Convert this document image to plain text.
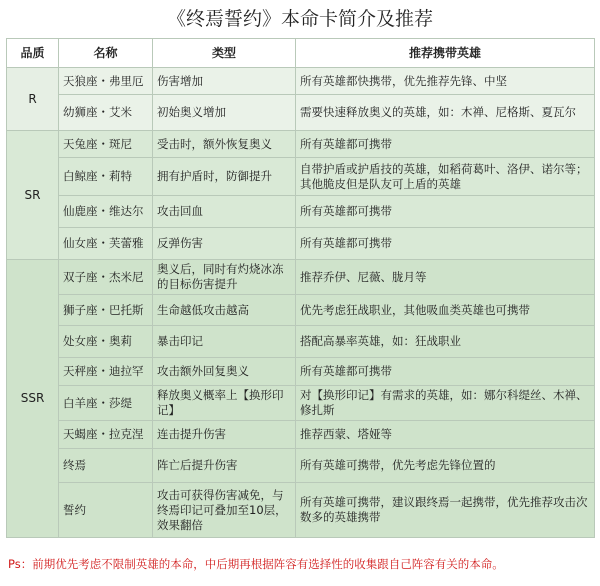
《终焉誓约》本命卡简介及推荐
品质	名称	类型	推荐携带英雄
R	天狼座・弗里厄	伤害增加	所有英雄都快携带，优先推荐先锋、中坚
	幼狮座・艾米	初始奥义增加	需要快速释放奥义的英雄，如：木禅、尼格斯、夏瓦尔
SR	天兔座・斑尼	受击时，额外恢复奥义	所有英雄都可携带
	白鲸座・莉特	拥有护盾时，防御提升	自带护盾或护盾技的英雄，如稻荷葛叶、洛伊、诺尔等；其他脆皮但是队友可上盾的英雄
	仙鹿座・维达尔	攻击回血	所有英雄都可携带
	仙女座・芙蕾雅	反弹伤害	所有英雄都可携带
SSR	双子座・杰米尼	奥义后，同时有灼烧冰冻的目标伤害提升	推荐乔伊、尼薇、胧月等
	狮子座・巴托斯	生命越低攻击越高	优先考虑狂战职业，其他吸血类英雄也可携带
	处女座・奥莉	暴击印记	搭配高暴率英雄，如：狂战职业
	天秤座・迪拉罕	攻击额外回复奥义	所有英雄都可携带
	白羊座・莎缇	释放奥义概率上【换形印记】	对【换形印记】有需求的英雄，如：娜尔科缇丝、木禅、修扎斯
	天蝎座・拉克涅	连击提升伤害	推荐西蒙、塔娅等
	终焉	阵亡后提升伤害	所有英雄可携带，优先考虑先锋位置的
	誓约	攻击可获得伤害减免，与终焉印记可叠加至10层，效果翻倍	所有英雄可携带，建议跟终焉一起携带，优先推荐攻击次数多的英雄携带
Ps：前期优先考虑不限制英雄的本命，中后期再根据阵容有选择性的收集跟自己阵容有关的本命。
